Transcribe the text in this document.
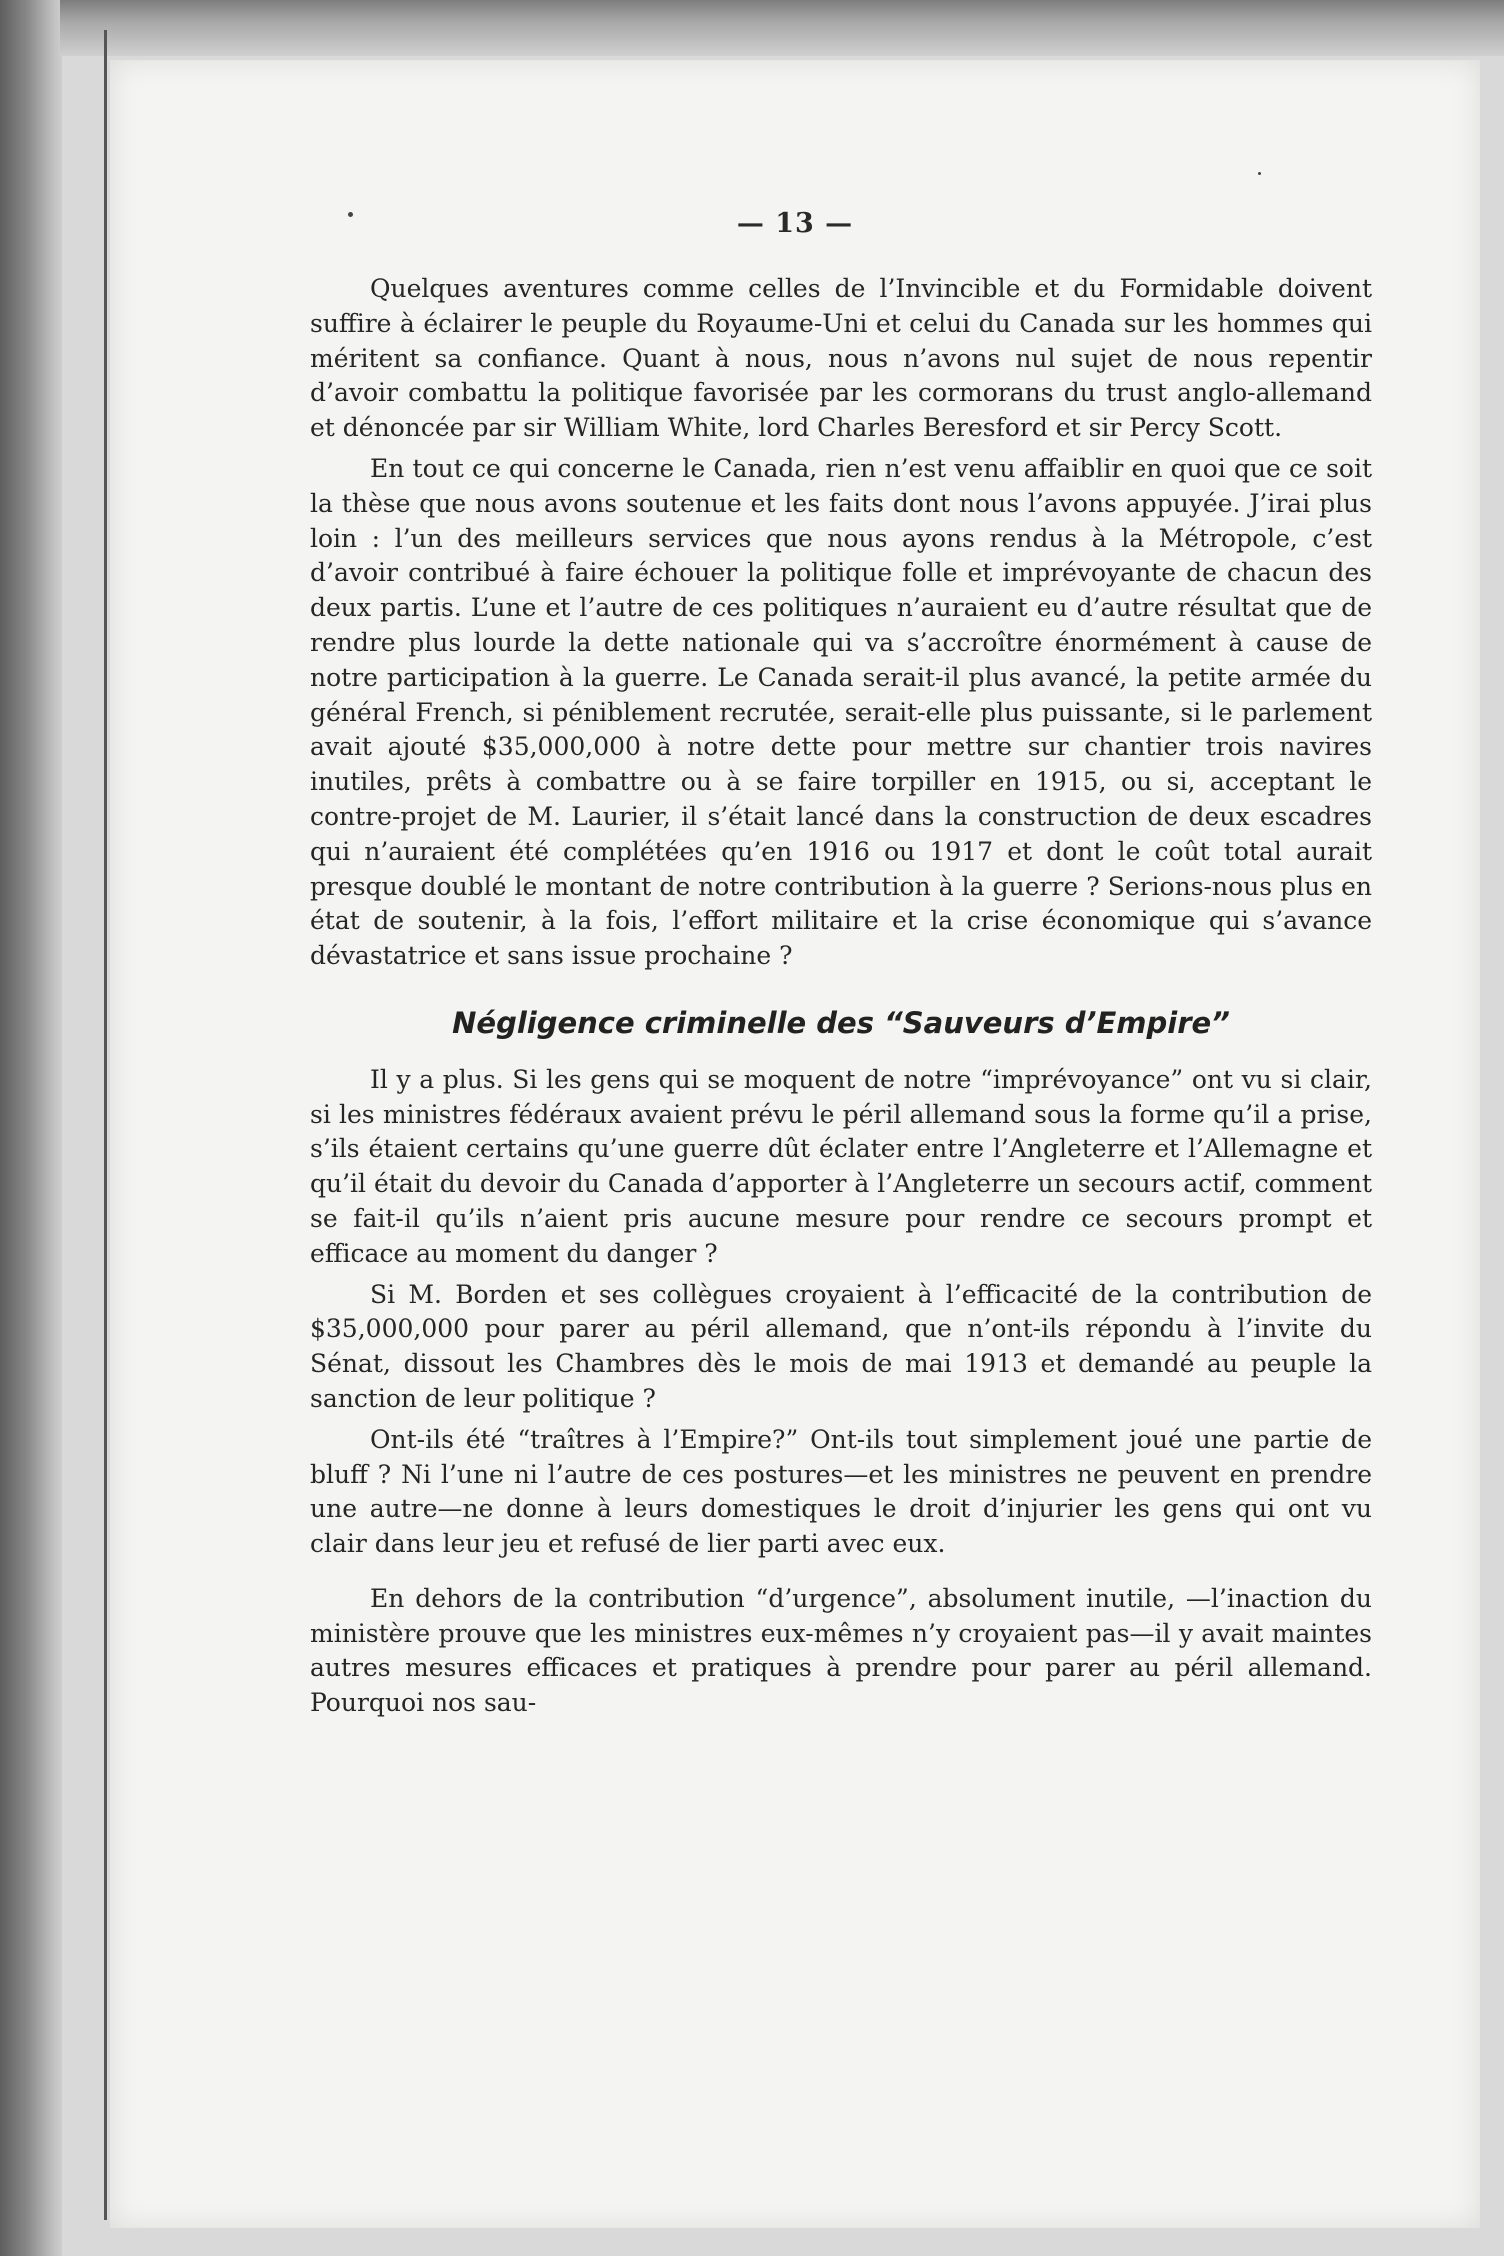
— 13 —

Quelques aventures comme celles de l’Invincible et du Formidable doivent suffire à éclairer le peuple du Royaume-Uni et celui du Canada sur les hommes qui méritent sa confiance. Quant à nous, nous n’avons nul sujet de nous repentir d’avoir combattu la politique favorisée par les cormorans du trust anglo-allemand et dénoncée par sir William White, lord Charles Beresford et sir Percy Scott.

En tout ce qui concerne le Canada, rien n’est venu affaiblir en quoi que ce soit la thèse que nous avons soutenue et les faits dont nous l’avons appuyée. J’irai plus loin : l’un des meilleurs services que nous ayons rendus à la Métropole, c’est d’avoir contribué à faire échouer la politique folle et imprévoyante de chacun des deux partis. L’une et l’autre de ces politiques n’auraient eu d’autre résultat que de rendre plus lourde la dette nationale qui va s’accroître énormément à cause de notre participation à la guerre. Le Canada serait-il plus avancé, la petite armée du général French, si péniblement recrutée, serait-elle plus puissante, si le parlement avait ajouté $35,000,000 à notre dette pour mettre sur chantier trois navires inutiles, prêts à combattre ou à se faire torpiller en 1915, ou si, acceptant le contre-projet de M. Laurier, il s’était lancé dans la construction de deux escadres qui n’auraient été complétées qu’en 1916 ou 1917 et dont le coût total aurait presque doublé le montant de notre contribution à la guerre ? Serions-nous plus en état de soutenir, à la fois, l’effort militaire et la crise économique qui s’avance dévastatrice et sans issue prochaine ?

Négligence criminelle des “Sauveurs d’Empire”

Il y a plus. Si les gens qui se moquent de notre “imprévoyance” ont vu si clair, si les ministres fédéraux avaient prévu le péril allemand sous la forme qu’il a prise, s’ils étaient certains qu’une guerre dût éclater entre l’Angleterre et l’Allemagne et qu’il était du devoir du Canada d’apporter à l’Angleterre un secours actif, comment se fait-il qu’ils n’aient pris aucune mesure pour rendre ce secours prompt et efficace au moment du danger ?

Si M. Borden et ses collègues croyaient à l’efficacité de la contribution de $35,000,000 pour parer au péril allemand, que n’ont-ils répondu à l’invite du Sénat, dissout les Chambres dès le mois de mai 1913 et demandé au peuple la sanction de leur politique ?

Ont-ils été “traîtres à l’Empire?” Ont-ils tout simplement joué une partie de bluff ? Ni l’une ni l’autre de ces postures—et les ministres ne peuvent en prendre une autre—ne donne à leurs domestiques le droit d’injurier les gens qui ont vu clair dans leur jeu et refusé de lier parti avec eux.

En dehors de la contribution “d’urgence”, absolument inutile, —l’inaction du ministère prouve que les ministres eux-mêmes n’y croyaient pas—il y avait maintes autres mesures efficaces et pratiques à prendre pour parer au péril allemand. Pourquoi nos sau-
